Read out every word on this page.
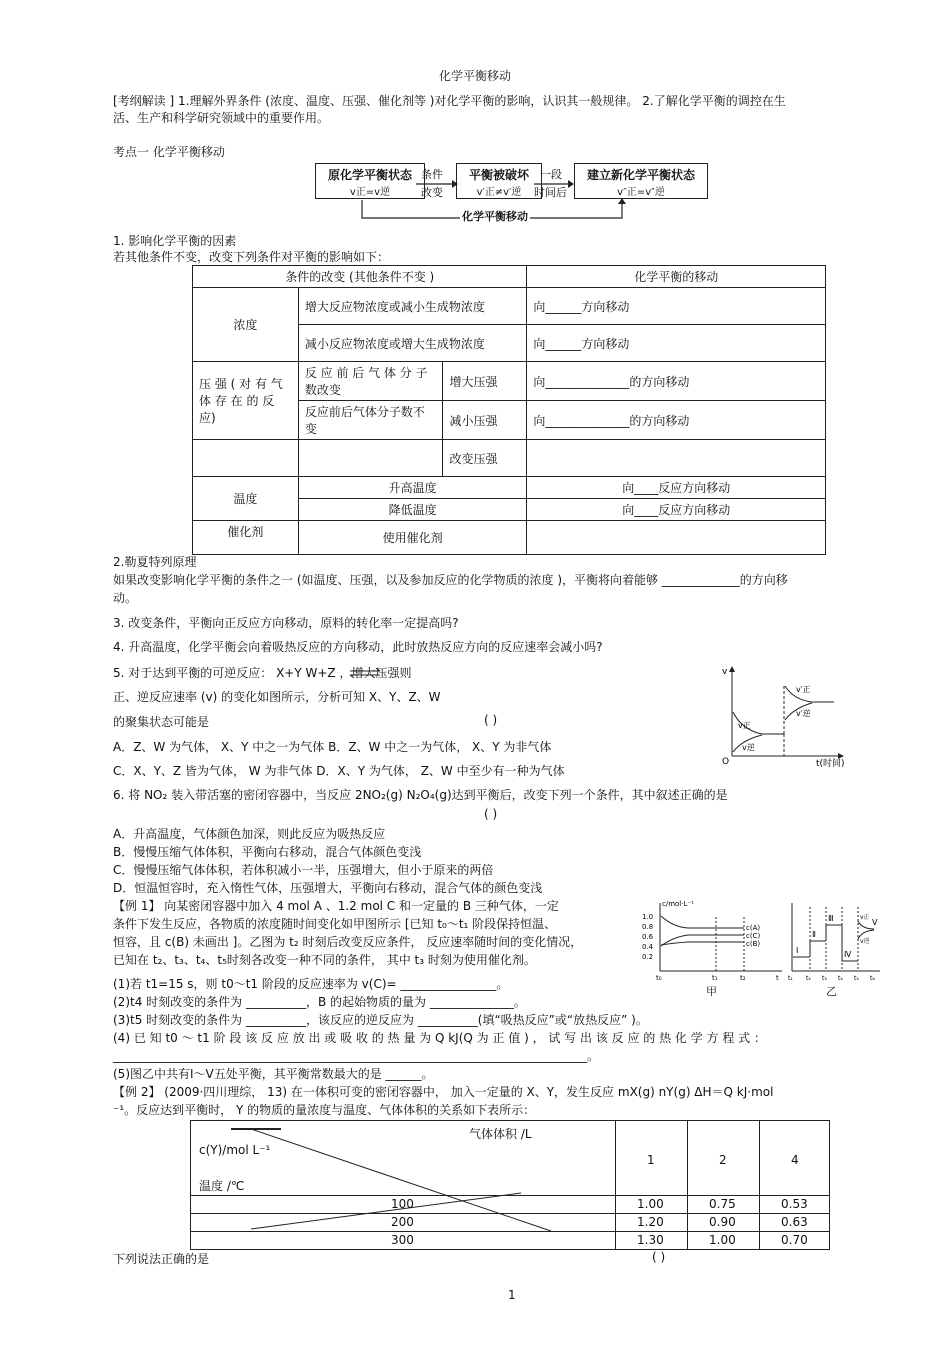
化学平衡移动
[考纲解读 ] 1.理解外界条件 (浓度、温度、压强、催化剂等 )对化学平衡的影响，认识其一般规律。 2.了解化学平衡的调控在生
活、生产和科学研究领域中的重要作用。
考点一 化学平衡移动
原化学平衡状态
v正=v逆
条件
改变
平衡被破坏
v′正≠v′逆
一段
时间后
建立新化学平衡状态
v″正=v″逆
化学平衡移动
1. 影响化学平衡的因素
若其他条件不变，改变下列条件对平衡的影响如下：
条件的改变 (其他条件不变 )			化学平衡的移动
浓度	增大反应物浓度或减小生成物浓度		向______方向移动
	减小反应物浓度或增大生成物浓度		向______方向移动
压 强 ( 对 有 气 体 存 在 的 反 应)	反 应 前 后 气 体 分 子 数改变	增大压强	向______________的方向移动
	反应前后气体分子数不变	减小压强	向______________的方向移动
		改变压强	
温度	升高温度		向____反应方向移动
	降低温度		向____反应方向移动
催化剂	使用催化剂		
2.勒夏特列原理
如果改变影响化学平衡的条件之一 (如温度、压强，以及参加反应的化学物质的浓度 )，平衡将向着能够 _____________的方向移
动。
3. 改变条件，平衡向正反应方向移动，原料的转化率一定提高吗?
4. 升高温度，化学平衡会向着吸热反应的方向移动，此时放热反应方向的反应速率会减小吗?
5. 对于达到平衡的可逆反应： X+Y W+Z ，增大压强则
正、逆反应速率 (v) 的变化如图所示，分析可知 X、Y、Z、W
的聚集状态可能是	( )
A．Z、W 为气体， X、Y 中之一为气体 B．Z、W 中之一为气体， X、Y 为非气体
C．X、Y、Z 皆为气体， W 为非气体 D．X、Y 为气体， Z、W 中至少有一种为气体
v
O	t(时间)
v正
v逆
v′正
v′逆
6. 将 NO₂ 装入带活塞的密闭容器中，当反应 2NO₂(g) N₂O₄(g)达到平衡后，改变下列一个条件，其中叙述正确的是
( )
A．升高温度，气体颜色加深，则此反应为吸热反应
B．慢慢压缩气体体积，平衡向右移动，混合气体颜色变浅
C．慢慢压缩气体体积，若体积减小一半，压强增大，但小于原来的两倍
D．恒温恒容时，充入惰性气体，压强增大，平衡向右移动，混合气体的颜色变浅
【例 1】 向某密闭容器中加入 4 mol A 、1.2 mol C 和一定量的 B 三种气体，一定
条件下发生反应，各物质的浓度随时间变化如甲图所示 [已知 t₀～t₁ 阶段保持恒温、
恒容，且 c(B) 未画出 ]。乙图为 t₂ 时刻后改变反应条件， 反应速率随时间的变化情况，
已知在 t₂、t₃、t₄、t₅时刻各改变一种不同的条件， 其中 t₃ 时刻为使用催化剂。
(1)若 t1=15 s，则 t0～t1 阶段的反应速率为 v(C)= ________________。
(2)t4 时刻改变的条件为 __________，B 的起始物质的量为 ______________。
(3)t5 时刻改变的条件为 __________，该反应的逆反应为 __________(填“吸热反应”或“放热反应” )。
(4) 已 知 t0 ～ t1 阶 段 该 反 应 放 出 或 吸 收 的 热 量 为 Q kJ(Q 为 正 值 ) ， 试 写 出 该 反 应 的 热 化 学 方 程 式 ：
_______________________________________________________________________________。
(5)图乙中共有Ⅰ～Ⅴ五处平衡，其平衡常数最大的是 ______。
c/mol·L⁻¹
1.0
0.8
0.6
0.4
0.2
c(A)
c(C)
c(B)
t₀	t₁	t₂	t
甲
Ⅰ
Ⅱ
Ⅲ
Ⅳ
Ⅴ
v正
v逆
t₁ t₂ t₃ t₄ t₅ t₆
乙
【例 2】 (2009·四川理综， 13) 在一体积可变的密闭容器中， 加入一定量的 X、Y，发生反应 mX(g) nY(g) ΔH＝Q kJ·mol
⁻¹。反应达到平衡时， Y 的物质的量浓度与温度、气体体积的关系如下表所示：
气体体积 /L
c(Y)/mol L⁻¹
温度 /℃
1	2	4
100	1.00	0.75	0.53
200	1.20	0.90	0.63
300	1.30	1.00	0.70
下列说法正确的是	( )
1
